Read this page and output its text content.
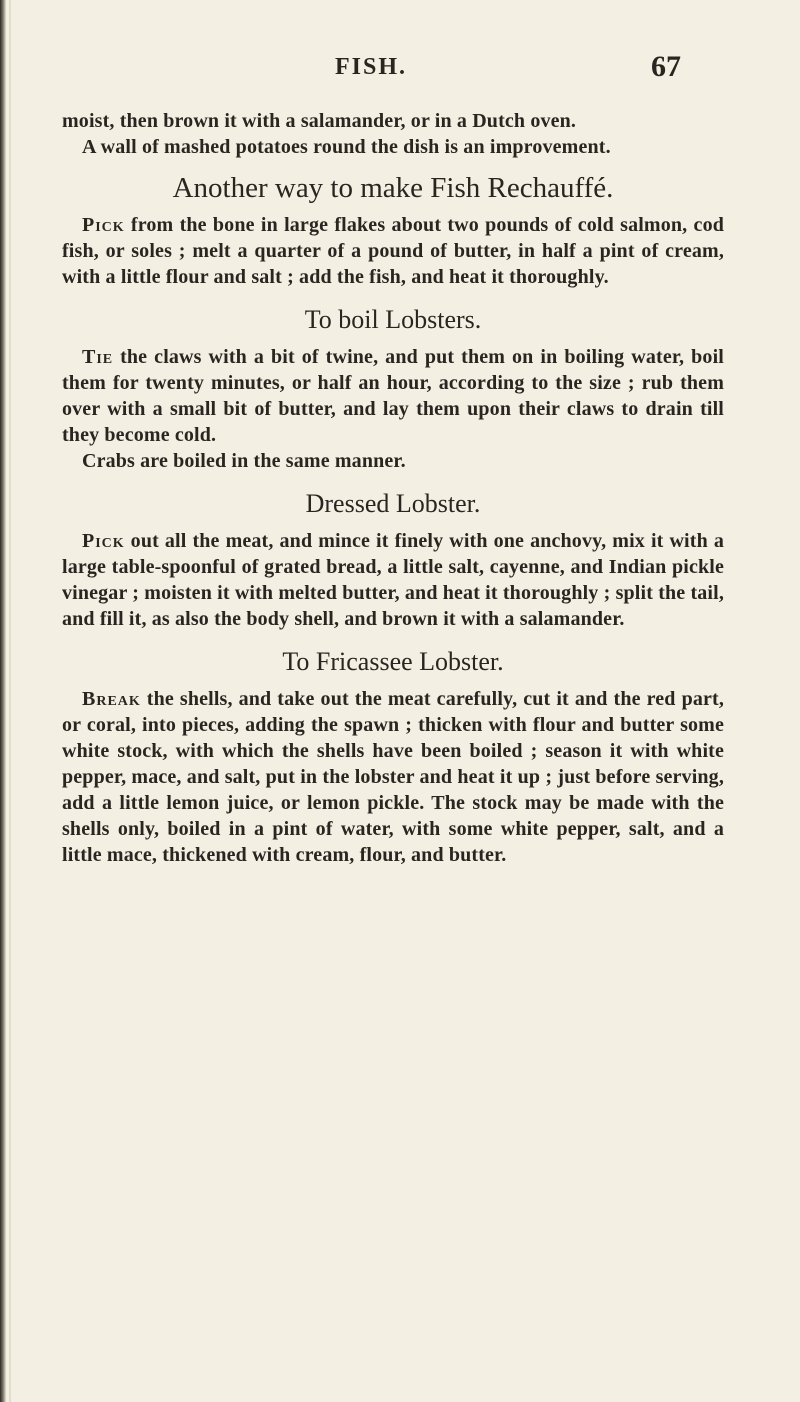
FISH.	67

moist, then brown it with a salamander, or in a Dutch oven.

A wall of mashed potatoes round the dish is an improvement.

Another way to make Fish Rechauffé.

Pick from the bone in large flakes about two pounds of cold salmon, cod fish, or soles ; melt a quarter of a pound of butter, in half a pint of cream, with a little flour and salt ; add the fish, and heat it thoroughly.

To boil Lobsters.

Tie the claws with a bit of twine, and put them on in boiling water, boil them for twenty minutes, or half an hour, according to the size ; rub them over with a small bit of butter, and lay them upon their claws to drain till they become cold.

Crabs are boiled in the same manner.

Dressed Lobster.

Pick out all the meat, and mince it finely with one anchovy, mix it with a large table-spoonful of grated bread, a little salt, cayenne, and Indian pickle vinegar ; moisten it with melted butter, and heat it thoroughly ; split the tail, and fill it, as also the body shell, and brown it with a salamander.

To Fricassee Lobster.

Break the shells, and take out the meat carefully, cut it and the red part, or coral, into pieces, adding the spawn ; thicken with flour and butter some white stock, with which the shells have been boiled ; season it with white pepper, mace, and salt, put in the lobster and heat it up ; just before serving, add a little lemon juice, or lemon pickle. The stock may be made with the shells only, boiled in a pint of water, with some white pepper, salt, and a little mace, thickened with cream, flour, and butter.
